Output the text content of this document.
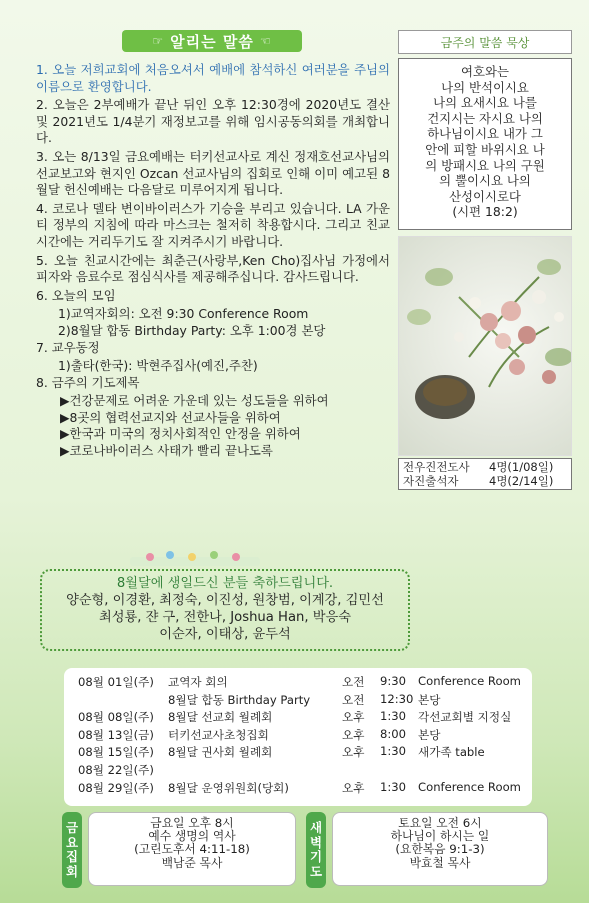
☞ 알리는 말씀 ☜

1. 오늘 저희교회에 처음오셔서 예배에 참석하신 여러분을 주님의 이름으로 환영합니다.

2. 오늘은 2부예배가 끝난 뒤인 오후 12:30경에 2020년도 결산 및 2021년도 1/4분기 재정보고를 위해 임시공동의회를 개최합니다.

3. 오는 8/13일 금요예배는 터키선교사로 계신 정재호선교사님의 선교보고와 현지인 Ozcan 선교사님의 집회로 인해 이미 예고된 8월달 헌신예배는 다음달로 미루어지게 됩니다.

4. 코로나 델타 변이바이러스가 기승을 부리고 있습니다. LA 가운티 정부의 지침에 따라 마스크는 철저히 착용합시다. 그리고 친교시간에는 거리두기도 잘 지켜주시기 바랍니다.

5. 오늘 친교시간에는 최춘근(사랑부,Ken Cho)집사님 가정에서 피자와 음료수로 점심식사를 제공해주십니다. 감사드립니다.

6. 오늘의 모임

1)교역자회의: 오전 9:30 Conference Room

2)8월달 합동 Birthday Party: 오후 1:00경 본당

7. 교우동정

1)출타(한국): 박현주집사(예진,주찬)

8. 금주의 기도제목

▶건강문제로 어려운 가운데 있는 성도들을 위하여

▶8곳의 협력선교지와 선교사들을 위하여

▶한국과 미국의 정치사회적인 안정을 위하여

▶코로나바이러스 사태가 빨리 끝나도록

금주의 말씀 묵상
여호와는
나의 반석이시요
나의 요새시요 나를
건지시는 자시요 나의
하나님이시요 내가 그
안에 피할 바위시요 나
의 방패시요 나의 구원
의 뿔이시요 나의
산성이시로다
(시편 18:2)
전우진전도사	4명(1/08일)
자진출석자	4명(2/14일)
8월달에 생일드신 분들 축하드립니다.
양순형, 이경환, 최정숙, 이진성, 원창범, 이계강, 김민선
최성룡, 쟌 구, 전한나, Joshua Han, 박응숙
이순자, 이태상, 윤두석
08월 01일(주) 교역자 회의	오전 9:30 Conference Room
8월달 합동 Birthday Party	오전 12:30 본당
08월 08일(주) 8월달 선교회 월례회	오후 1:30 각선교회별 지정실
08월 13일(금) 터키선교사초청집회	오후 8:00 본당
08월 15일(주) 8월달 권사회 월례회	오후 1:30 새가족 table
08월 22일(주)
08월 29일(주) 8월달 운영위원회(당회)	오후 1:30 Conference Room
금
요
집
회
금요일 오후 8시
예수 생명의 역사
(고린도후서 4:11-18)
백남준 목사
새
벽
기
도
토요일 오전 6시
하나님이 하시는 일
(요한복음 9:1-3)
박효철 목사
